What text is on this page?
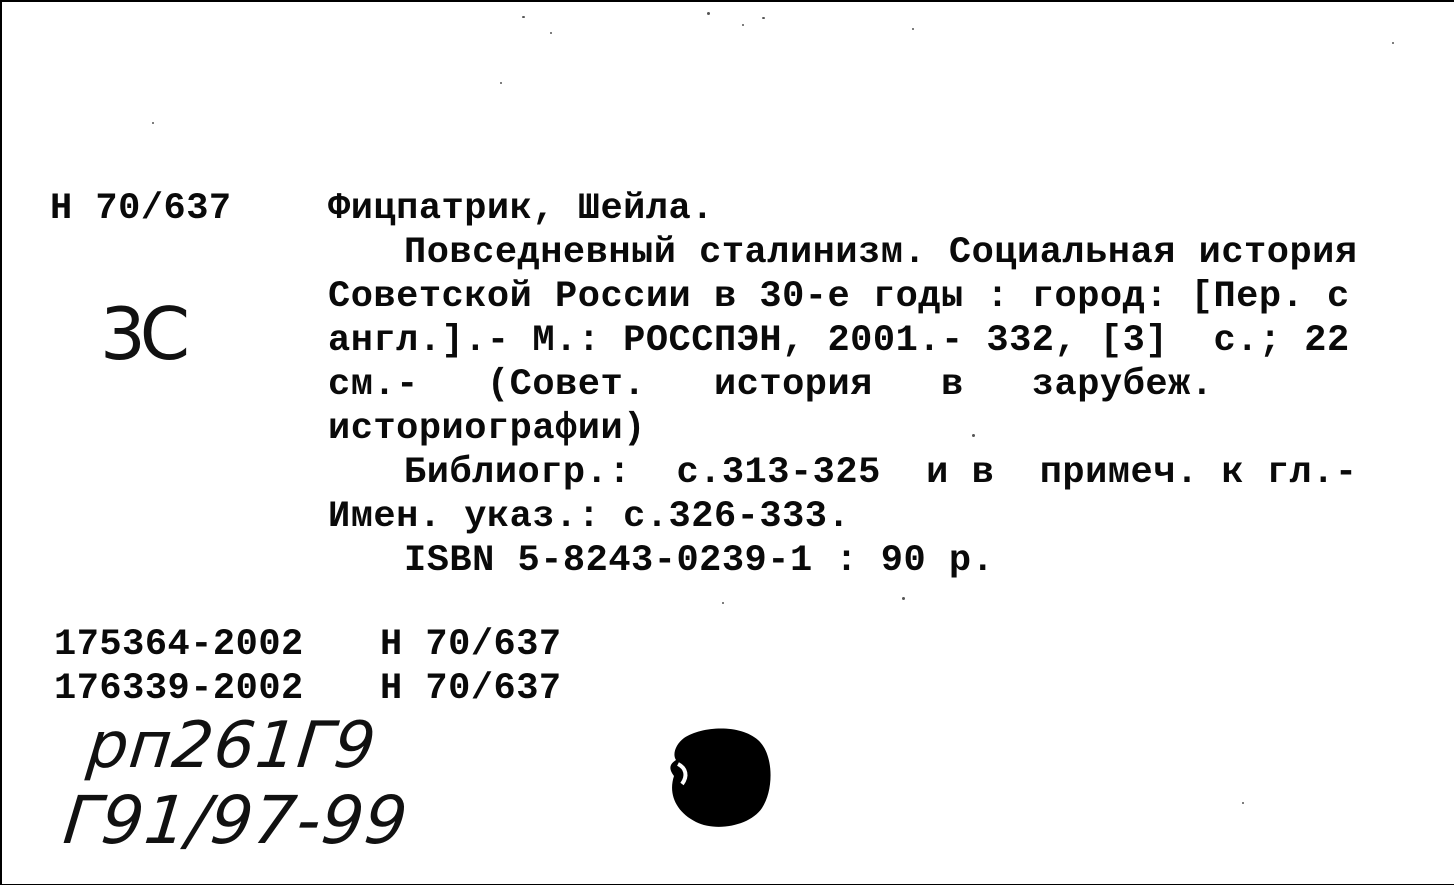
Н 70/637
3С
Фицпатрик, Шейла.
Повседневный сталинизм. Социальная история
Советской России в 30-е годы : город: [Пер. с
англ.].- М.: РОССПЭН, 2001.- 332, [3]  с.; 22
см.-   (Совет.   история   в   зарубеж.
историографии)
Библиогр.:  с.313-325  и в  примеч. к гл.-
Имен. указ.: с.326-333.
ISBN 5-8243-0239-1 : 90 р.
175364-2002 Н 70/637
176339-2002 Н 70/637
рп261Г9
Г91/97-99
